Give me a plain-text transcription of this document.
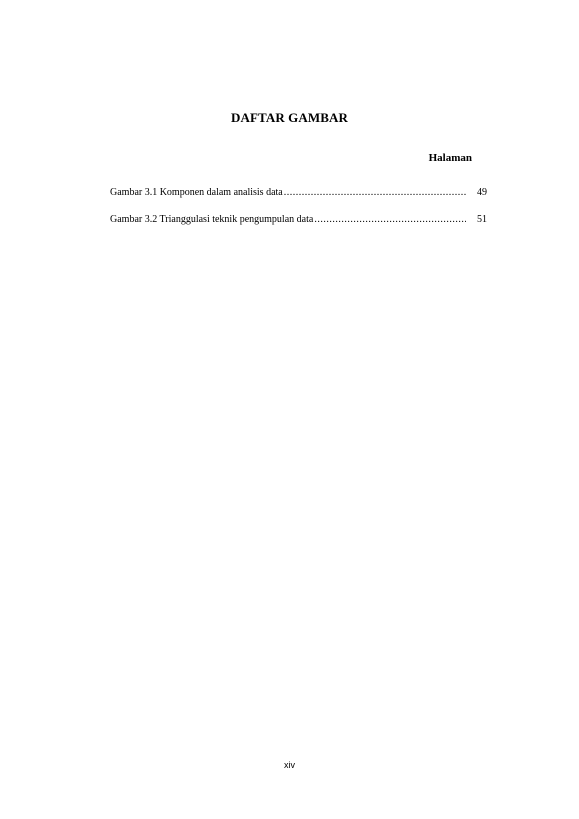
DAFTAR GAMBAR
Halaman
Gambar 3.1 Komponen dalam analisis data .....	49
Gambar 3.2 Trianggulasi teknik pengumpulan data .....	51
xiv
